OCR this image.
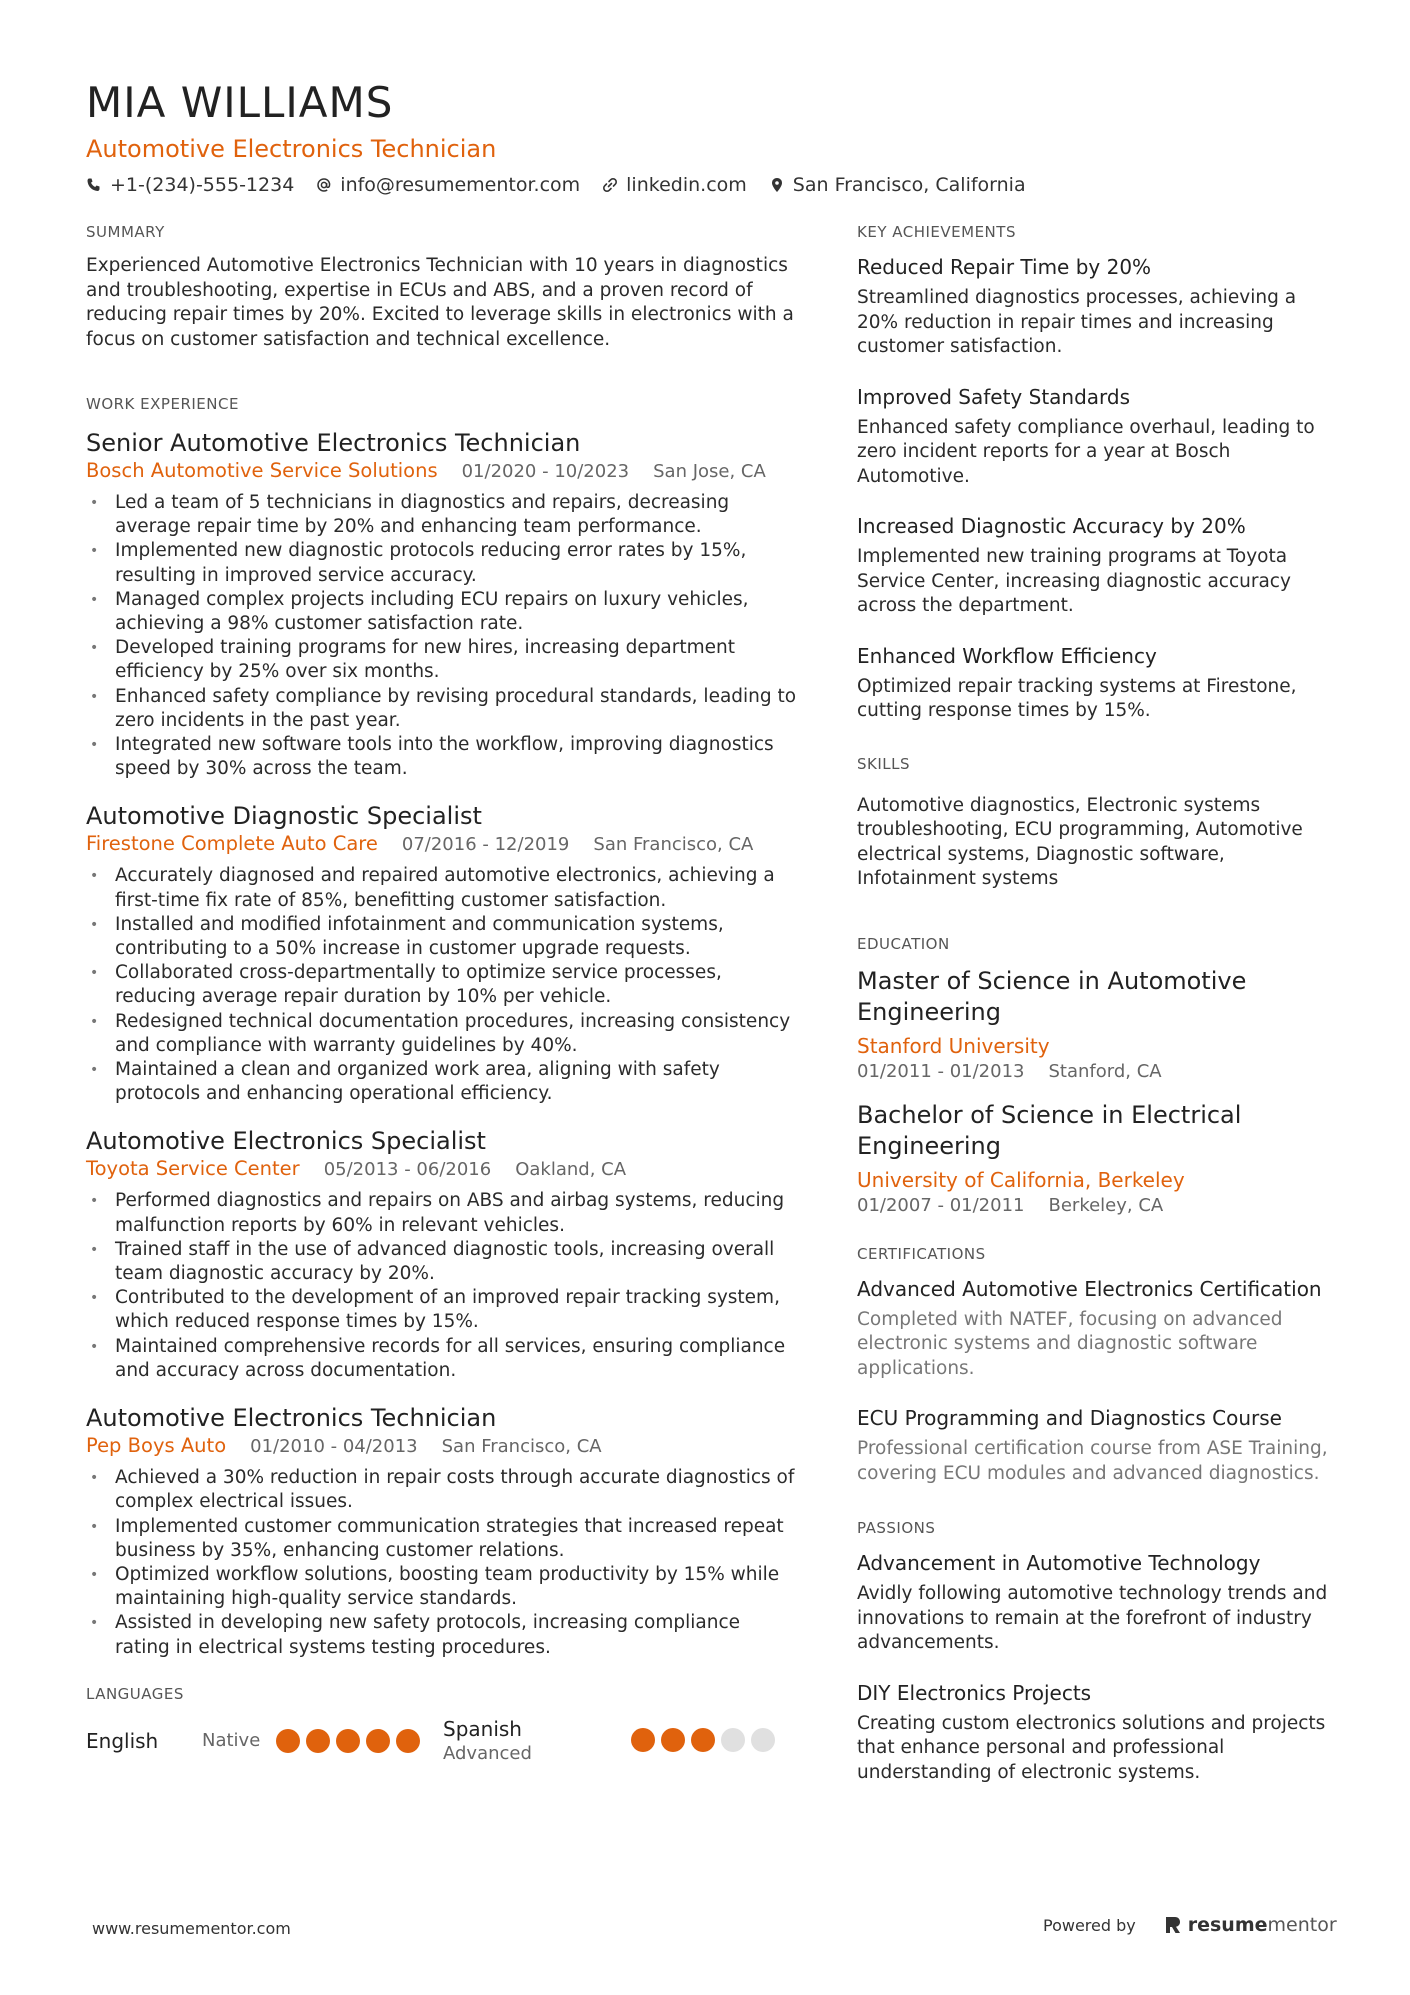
MIA WILLIAMS
Automotive Electronics Technician
+1-(234)-555-1234 info@resumementor.com linkedin.com San Francisco, California
SUMMARY
Experienced Automotive Electronics Technician with 10 years in diagnostics and troubleshooting, expertise in ECUs and ABS, and a proven record of reducing repair times by 20%. Excited to leverage skills in electronics with a focus on customer satisfaction and technical excellence.
WORK EXPERIENCE
Senior Automotive Electronics Technician
Bosch Automotive Service Solutions 01/2020 - 10/2023 San Jose, CA
• Led a team of 5 technicians in diagnostics and repairs, decreasing average repair time by 20% and enhancing team performance.
• Implemented new diagnostic protocols reducing error rates by 15%, resulting in improved service accuracy.
• Managed complex projects including ECU repairs on luxury vehicles, achieving a 98% customer satisfaction rate.
• Developed training programs for new hires, increasing department efficiency by 25% over six months.
• Enhanced safety compliance by revising procedural standards, leading to zero incidents in the past year.
• Integrated new software tools into the workflow, improving diagnostics speed by 30% across the team.
Automotive Diagnostic Specialist
Firestone Complete Auto Care 07/2016 - 12/2019 San Francisco, CA
• Accurately diagnosed and repaired automotive electronics, achieving a first-time fix rate of 85%, benefitting customer satisfaction.
• Installed and modified infotainment and communication systems, contributing to a 50% increase in customer upgrade requests.
• Collaborated cross-departmentally to optimize service processes, reducing average repair duration by 10% per vehicle.
• Redesigned technical documentation procedures, increasing consistency and compliance with warranty guidelines by 40%.
• Maintained a clean and organized work area, aligning with safety protocols and enhancing operational efficiency.
Automotive Electronics Specialist
Toyota Service Center 05/2013 - 06/2016 Oakland, CA
• Performed diagnostics and repairs on ABS and airbag systems, reducing malfunction reports by 60% in relevant vehicles.
• Trained staff in the use of advanced diagnostic tools, increasing overall team diagnostic accuracy by 20%.
• Contributed to the development of an improved repair tracking system, which reduced response times by 15%.
• Maintained comprehensive records for all services, ensuring compliance and accuracy across documentation.
Automotive Electronics Technician
Pep Boys Auto 01/2010 - 04/2013 San Francisco, CA
• Achieved a 30% reduction in repair costs through accurate diagnostics of complex electrical issues.
• Implemented customer communication strategies that increased repeat business by 35%, enhancing customer relations.
• Optimized workflow solutions, boosting team productivity by 15% while maintaining high-quality service standards.
• Assisted in developing new safety protocols, increasing compliance rating in electrical systems testing procedures.
LANGUAGES
English	Native	Spanish
Advanced
KEY ACHIEVEMENTS
Reduced Repair Time by 20%
Streamlined diagnostics processes, achieving a 20% reduction in repair times and increasing customer satisfaction.
Improved Safety Standards
Enhanced safety compliance overhaul, leading to zero incident reports for a year at Bosch Automotive.
Increased Diagnostic Accuracy by 20%
Implemented new training programs at Toyota Service Center, increasing diagnostic accuracy across the department.
Enhanced Workflow Efficiency
Optimized repair tracking systems at Firestone, cutting response times by 15%.
SKILLS
Automotive diagnostics, Electronic systems troubleshooting, ECU programming, Automotive electrical systems, Diagnostic software, Infotainment systems
EDUCATION
Master of Science in Automotive Engineering
Stanford University
01/2011 - 01/2013 Stanford, CA
Bachelor of Science in Electrical Engineering
University of California, Berkeley
01/2007 - 01/2011 Berkeley, CA
CERTIFICATIONS
Advanced Automotive Electronics Certification
Completed with NATEF, focusing on advanced electronic systems and diagnostic software applications.
ECU Programming and Diagnostics Course
Professional certification course from ASE Training, covering ECU modules and advanced diagnostics.
PASSIONS
Advancement in Automotive Technology
Avidly following automotive technology trends and innovations to remain at the forefront of industry advancements.
DIY Electronics Projects
Creating custom electronics solutions and projects that enhance personal and professional understanding of electronic systems.
www.resumementor.com	Powered by	resumementor
